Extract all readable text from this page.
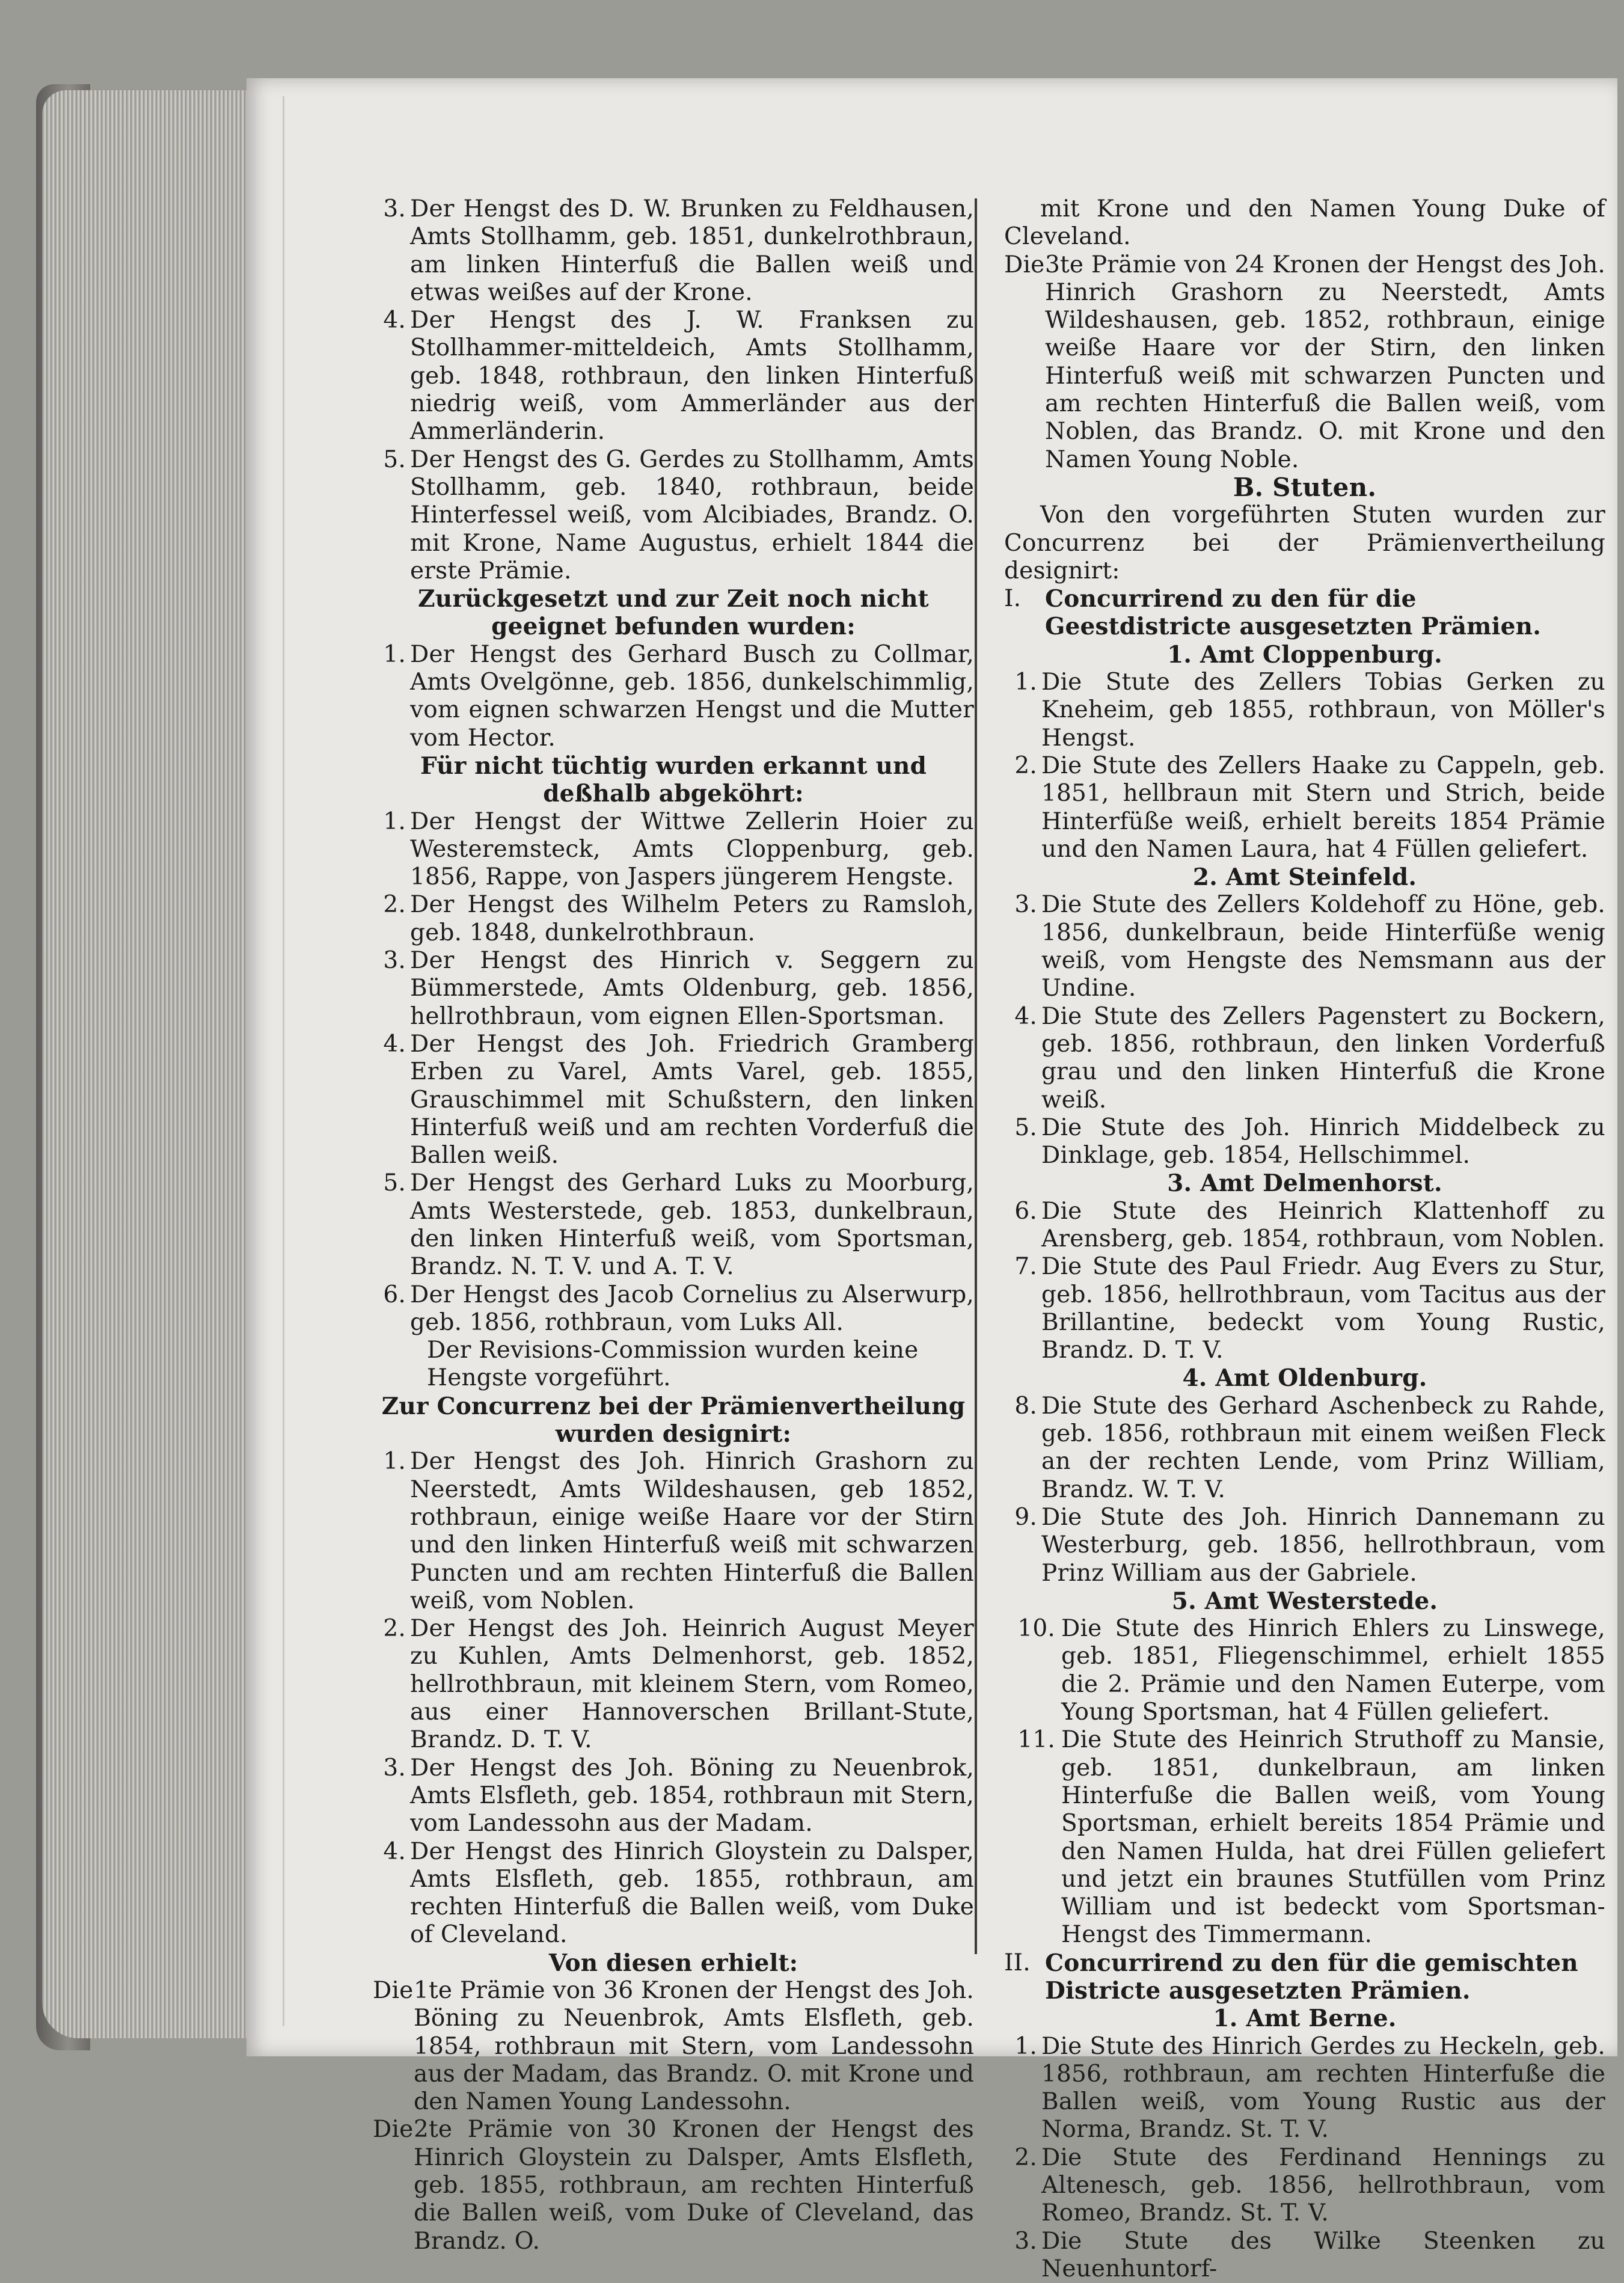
3. Der Hengst des D. W. Brunken zu Feldhausen, Amts Stollhamm, geb. 1851, dunkelrothbraun, am linken Hinterfuß die Ballen weiß und etwas weißes auf der Krone.
4. Der Hengst des J. W. Franksen zu Stollhammer-mitteldeich, Amts Stollhamm, geb. 1848, rothbraun, den linken Hinterfuß niedrig weiß, vom Ammerländer aus der Ammerländerin.
5. Der Hengst des G. Gerdes zu Stollhamm, Amts Stollhamm, geb. 1840, rothbraun, beide Hinterfessel weiß, vom Alcibiades, Brandz. O. mit Krone, Name Augustus, erhielt 1844 die erste Prämie.
Zurückgesetzt und zur Zeit noch nicht geeignet befunden wurden:
1. Der Hengst des Gerhard Busch zu Collmar, Amts Ovelgönne, geb. 1856, dunkelschimmlig, vom eignen schwarzen Hengst und die Mutter vom Hector.
Für nicht tüchtig wurden erkannt und deßhalb abgeköhrt:
1. Der Hengst der Wittwe Zellerin Hoier zu Westeremsteck, Amts Cloppenburg, geb. 1856, Rappe, von Jaspers jüngerem Hengste.
2. Der Hengst des Wilhelm Peters zu Ramsloh, geb. 1848, dunkelrothbraun.
3. Der Hengst des Hinrich v. Seggern zu Bümmerstede, Amts Oldenburg, geb. 1856, hellrothbraun, vom eignen Ellen-Sportsman.
4. Der Hengst des Joh. Friedrich Gramberg Erben zu Varel, Amts Varel, geb. 1855, Grauschimmel mit Schußstern, den linken Hinterfuß weiß und am rechten Vorderfuß die Ballen weiß.
5. Der Hengst des Gerhard Luks zu Moorburg, Amts Westerstede, geb. 1853, dunkelbraun, den linken Hinterfuß weiß, vom Sportsman, Brandz. N. T. V. und A. T. V.
6. Der Hengst des Jacob Cornelius zu Alserwurp, geb. 1856, rothbraun, vom Luks All.
Der Revisions-Commission wurden keine Hengste vorgeführt.
Zur Concurrenz bei der Prämienvertheilung wurden designirt:
1. Der Hengst des Joh. Hinrich Grashorn zu Neerstedt, Amts Wildeshausen, geb 1852, rothbraun, einige weiße Haare vor der Stirn und den linken Hinterfuß weiß mit schwarzen Puncten und am rechten Hinterfuß die Ballen weiß, vom Noblen.
2. Der Hengst des Joh. Heinrich August Meyer zu Kuhlen, Amts Delmenhorst, geb. 1852, hellrothbraun, mit kleinem Stern, vom Romeo, aus einer Hannoverschen Brillant-Stute, Brandz. D. T. V.
3. Der Hengst des Joh. Böning zu Neuenbrok, Amts Elsfleth, geb. 1854, rothbraun mit Stern, vom Landessohn aus der Madam.
4. Der Hengst des Hinrich Gloystein zu Dalsper, Amts Elsfleth, geb. 1855, rothbraun, am rechten Hinterfuß die Ballen weiß, vom Duke of Cleveland.
Von diesen erhielt:
Die 1te Prämie von 36 Kronen der Hengst des Joh. Böning zu Neuenbrok, Amts Elsfleth, geb. 1854, rothbraun mit Stern, vom Landessohn aus der Madam, das Brandz. O. mit Krone und den Namen Young Landessohn.
Die 2te Prämie von 30 Kronen der Hengst des Hinrich Gloystein zu Dalsper, Amts Elsfleth, geb. 1855, rothbraun, am rechten Hinterfuß die Ballen weiß, vom Duke of Cleveland, das Brandz. O.
mit Krone und den Namen Young Duke of Cleveland.
Die 3te Prämie von 24 Kronen der Hengst des Joh. Hinrich Grashorn zu Neerstedt, Amts Wildeshausen, geb. 1852, rothbraun, einige weiße Haare vor der Stirn, den linken Hinterfuß weiß mit schwarzen Puncten und am rechten Hinterfuß die Ballen weiß, vom Noblen, das Brandz. O. mit Krone und den Namen Young Noble.
B. Stuten.
Von den vorgeführten Stuten wurden zur Concurrenz bei der Prämienvertheilung designirt:
I. Concurrirend zu den für die Geestdistricte ausgesetzten Prämien.
1. Amt Cloppenburg.
1. Die Stute des Zellers Tobias Gerken zu Kneheim, geb 1855, rothbraun, von Möller's Hengst.
2. Die Stute des Zellers Haake zu Cappeln, geb. 1851, hellbraun mit Stern und Strich, beide Hinterfüße weiß, erhielt bereits 1854 Prämie und den Namen Laura, hat 4 Füllen geliefert.
2. Amt Steinfeld.
3. Die Stute des Zellers Koldehoff zu Höne, geb. 1856, dunkelbraun, beide Hinterfüße wenig weiß, vom Hengste des Nemsmann aus der Undine.
4. Die Stute des Zellers Pagenstert zu Bockern, geb. 1856, rothbraun, den linken Vorderfuß grau und den linken Hinterfuß die Krone weiß.
5. Die Stute des Joh. Hinrich Middelbeck zu Dinklage, geb. 1854, Hellschimmel.
3. Amt Delmenhorst.
6. Die Stute des Heinrich Klattenhoff zu Arensberg, geb. 1854, rothbraun, vom Noblen.
7. Die Stute des Paul Friedr. Aug Evers zu Stur, geb. 1856, hellrothbraun, vom Tacitus aus der Brillantine, bedeckt vom Young Rustic, Brandz. D. T. V.
4. Amt Oldenburg.
8. Die Stute des Gerhard Aschenbeck zu Rahde, geb. 1856, rothbraun mit einem weißen Fleck an der rechten Lende, vom Prinz William, Brandz. W. T. V.
9. Die Stute des Joh. Hinrich Dannemann zu Westerburg, geb. 1856, hellrothbraun, vom Prinz William aus der Gabriele.
5. Amt Westerstede.
10. Die Stute des Hinrich Ehlers zu Linswege, geb. 1851, Fliegenschimmel, erhielt 1855 die 2. Prämie und den Namen Euterpe, vom Young Sportsman, hat 4 Füllen geliefert.
11. Die Stute des Heinrich Struthoff zu Mansie, geb. 1851, dunkelbraun, am linken Hinterfuße die Ballen weiß, vom Young Sportsman, erhielt bereits 1854 Prämie und den Namen Hulda, hat drei Füllen geliefert und jetzt ein braunes Stutfüllen vom Prinz William und ist bedeckt vom Sportsman-Hengst des Timmermann.
II. Concurrirend zu den für die gemischten Districte ausgesetzten Prämien.
1. Amt Berne.
1. Die Stute des Hinrich Gerdes zu Heckeln, geb. 1856, rothbraun, am rechten Hinterfuße die Ballen weiß, vom Young Rustic aus der Norma, Brandz. St. T. V.
2. Die Stute des Ferdinand Hennings zu Altenesch, geb. 1856, hellrothbraun, vom Romeo, Brandz. St. T. V.
3. Die Stute des Wilke Steenken zu Neuenhuntorf-
